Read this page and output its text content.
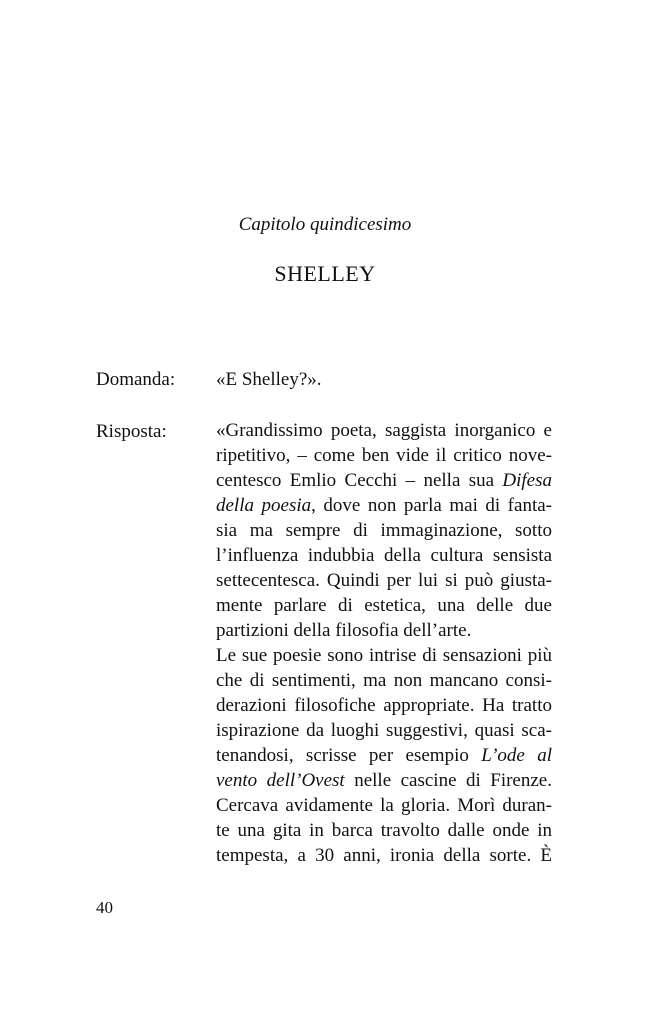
Capitolo quindicesimo
SHELLEY
Domanda: «E Shelley?».
Risposta:	«Grandissimo poeta, saggista inorganico e
ripetitivo, – come ben vide il critico nove-
centesco Emlio Cecchi – nella sua Difesa
della poesia, dove non parla mai di fanta-
sia ma sempre di immaginazione, sotto
l’influenza indubbia della cultura sensista
settecentesca. Quindi per lui si può giusta-
mente parlare di estetica, una delle due
partizioni della filosofia dell’arte.
Le sue poesie sono intrise di sensazioni più
che di sentimenti, ma non mancano consi-
derazioni filosofiche appropriate. Ha tratto
ispirazione da luoghi suggestivi, quasi sca-
tenandosi, scrisse per esempio L’ode al
vento dell’Ovest nelle cascine di Firenze.
Cercava avidamente la gloria. Morì duran-
te una gita in barca travolto dalle onde in
tempesta, a 30 anni, ironia della sorte. È
40
